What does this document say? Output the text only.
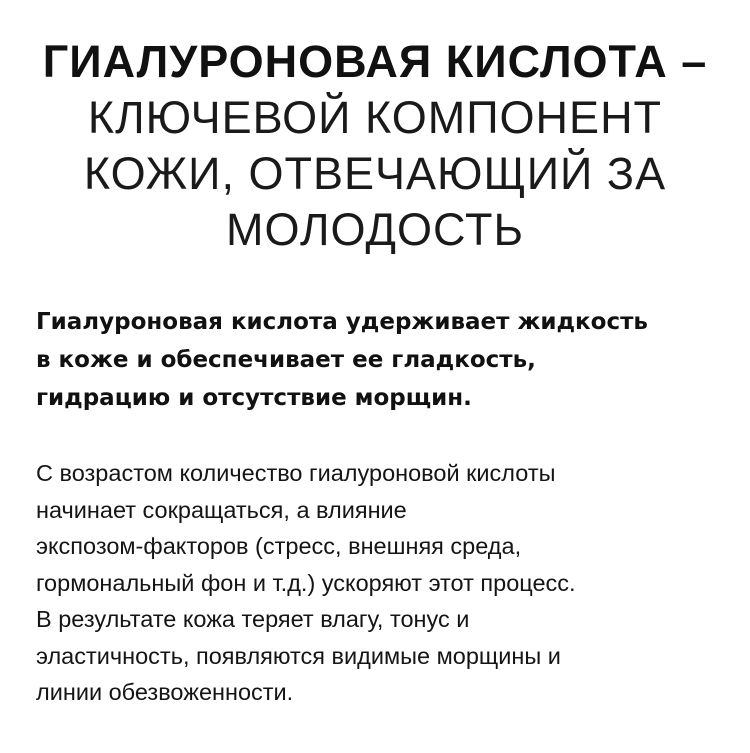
ГИАЛУРОНОВАЯ КИСЛОТА –
КЛЮЧЕВОЙ КОМПОНЕНТ
КОЖИ, ОТВЕЧАЮЩИЙ ЗА
МОЛОДОСТЬ
Гиалуроновая кислота удерживает жидкость
в коже и обеспечивает ее гладкость,
гидрацию и отсутствие морщин.
С возрастом количество гиалуроновой кислоты
начинает сокращаться, а влияние
экспозом-факторов (стресс, внешняя среда,
гормональный фон и т.д.) ускоряют этот процесс.
В результате кожа теряет влагу, тонус и
эластичность, появляются видимые морщины и
линии обезвоженности.
